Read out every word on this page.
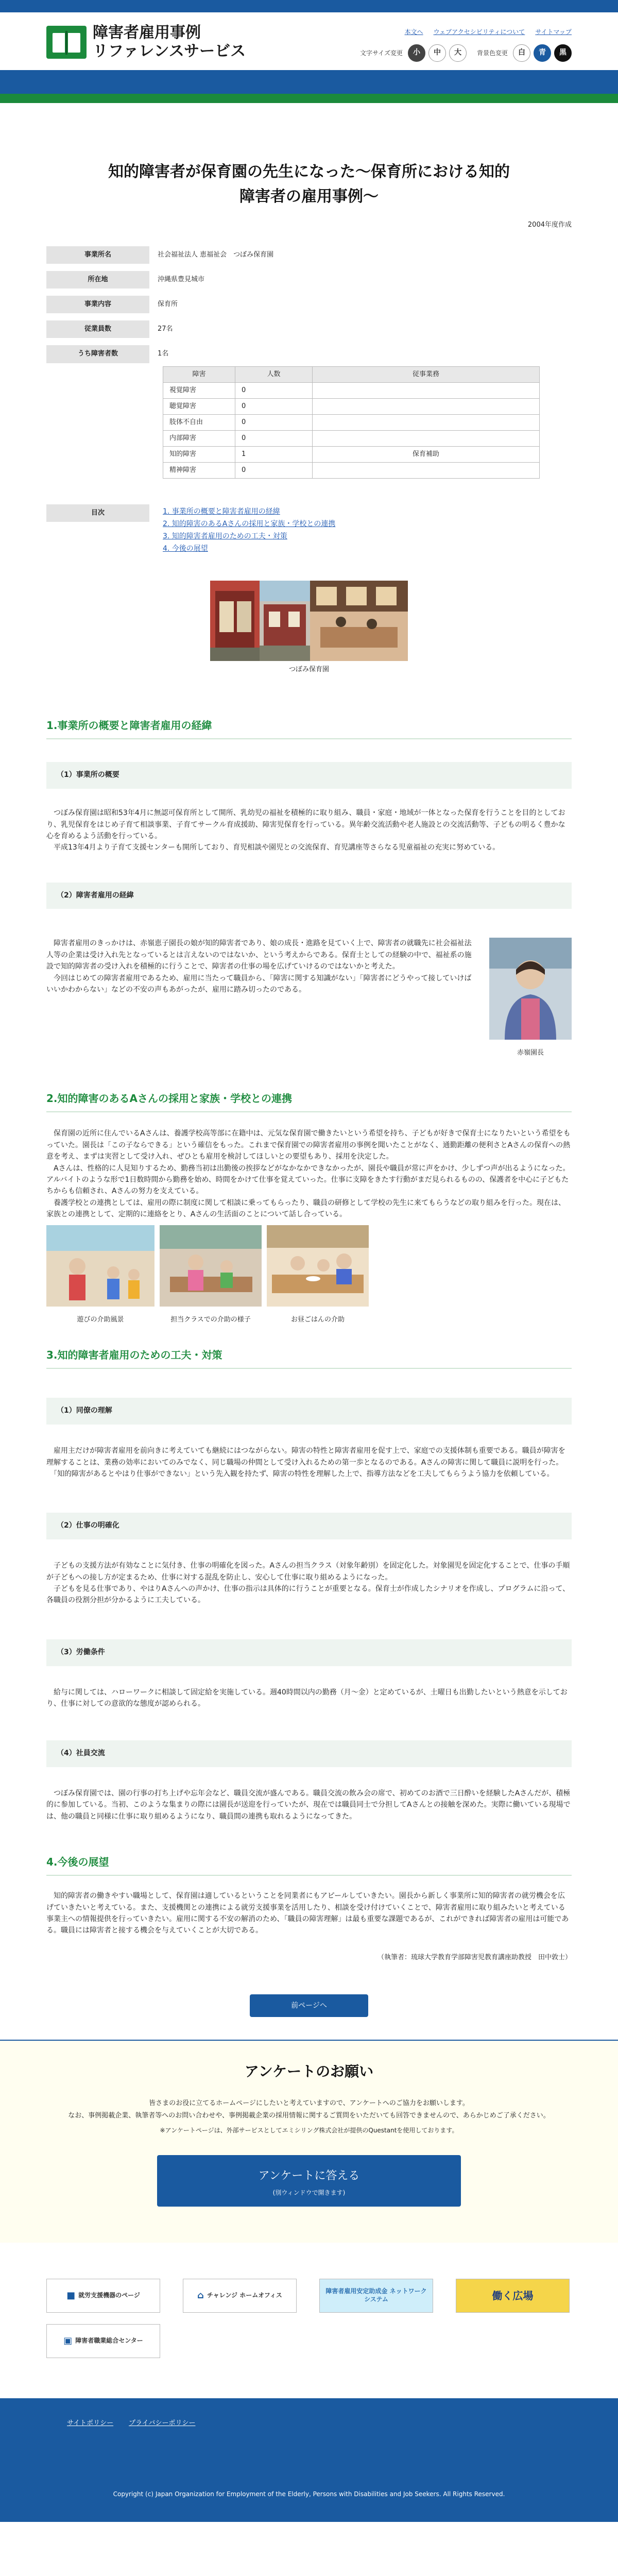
障害者雇用事例
リファレンスサービス
本文へ ウェブアクセシビリティについて サイトマップ
文字サイズ変更	小	中	大	背景色変更	白	青	黒
知的障害者が保育園の先生になった〜保育所における知的障害者の雇用事例〜
2004年度作成
事業所名	社会福祉法人 恵福祉会　つぼみ保育園
所在地	沖縄県豊見城市
事業内容	保育所
従業員数	27名
うち障害者数	1名
障害	人数	従事業務
視覚障害	0	
聴覚障害	0	
肢体不自由	0	
内部障害	0	
知的障害	1	保育補助
精神障害	0	
目次	1. 事業所の概要と障害者雇用の経緯
2. 知的障害のあるAさんの採用と家族・学校との連携
3. 知的障害者雇用のための工夫・対策
4. 今後の展望
つぼみ保育園
1.事業所の概要と障害者雇用の経緯
（1）事業所の概要

つぼみ保育園は昭和53年4月に無認可保育所として開所、乳幼児の福祉を積極的に取り組み、職員・家庭・地域が一体となった保育を行うことを目的としており、乳児保育をはじめ子育て相談事業、子育てサークル育成援助、障害児保育を行っている。異年齢交流活動や老人施設との交流活動等、子どもの明るく豊かな心を育めるよう活動を行っている。
　平成13年4月より子育て支援センターも開所しており、育児相談や園児との交流保育、育児講座等さらなる児童福祉の充実に努めている。

（2）障害者雇用の経緯

障害者雇用のきっかけは、赤嶺恵子園長の娘が知的障害者であり、娘の成長・進路を見ていく上で、障害者の就職先に社会福祉法人等の企業は受け入れ先となっているとは言えないのではないか、という考えからである。保育士としての経験の中で、福祉系の施設で知的障害者の受け入れを積極的に行うことで、障害者の仕事の場を広げていけるのではないかと考えた。
　今回はじめての障害者雇用であるため、雇用に当たって職員から、「障害に関する知識がない」「障害者にどうやって接していけばいいかわからない」などの不安の声もあがったが、雇用に踏み切ったのである。

赤嶺園長
2.知的障害のあるAさんの採用と家族・学校との連携

保育園の近所に住んでいるAさんは、養護学校高等部に在籍中は、元気な保育園で働きたいという希望を持ち、子どもが好きで保育士になりたいという希望をもっていた。園長は「この子ならできる」という確信をもった。これまで保育園での障害者雇用の事例を聞いたことがなく、通勤距離の便利さとAさんの保育への熱意を考え、まずは実習として受け入れ、ぜひとも雇用を検討してほしいとの要望もあり、採用を決定した。
　Aさんは、性格的に人見知りするため、勤務当初は出勤後の挨拶などがなかなかできなかったが、園長や職員が常に声をかけ、少しずつ声が出るようになった。アルバイトのような形で1日数時間から勤務を始め、時間をかけて仕事を覚えていった。仕事に支障をきたす行動がまだ見られるものの、保護者を中心に子どもたちからも信頼され、Aさんの努力を支えている。
　養護学校との連携としては、雇用の際に制度に関して相談に乗ってもらったり、職員の研修として学校の先生に来てもらうなどの取り組みを行った。現在は、家族との連携として、定期的に連絡をとり、Aさんの生活面のことについて話し合っている。

遊びの介助風景	担当クラスでの介助の様子	お昼ごはんの介助
3.知的障害者雇用のための工夫・対策
（1）同僚の理解

雇用主だけが障害者雇用を前向きに考えていても継続にはつながらない。障害の特性と障害者雇用を促す上で、家庭での支援体制も重要である。職員が障害を理解することは、業務の効率においてのみでなく、同じ職場の仲間として受け入れるための第一歩となるのである。Aさんの障害に関して職員に説明を行った。
　「知的障害があるとやはり仕事ができない」という先入観を持たず、障害の特性を理解した上で、指導方法などを工夫してもらうよう協力を依頼している。

（2）仕事の明確化

子どもの支援方法が有効なことに気付き、仕事の明確化を図った。Aさんの担当クラス（対象年齢別）を固定化した。対象園児を固定化することで、仕事の手順が子どもへの接し方が定まるため、仕事に対する混乱を防止し、安心して仕事に取り組めるようになった。
　子どもを見る仕事であり、やはりAさんへの声かけ、仕事の指示は具体的に行うことが重要となる。保育士が作成したシナリオを作成し、プログラムに沿って、各職員の役割分担が分かるように工夫している。

（3）労働条件

給与に関しては、ハローワークに相談して固定給を実施している。週40時間以内の勤務（月〜金）と定めているが、土曜日も出勤したいという熱意を示しており、仕事に対しての意欲的な態度が認められる。

（4）社員交流

つぼみ保育園では、園の行事の打ち上げや忘年会など、職員交流が盛んである。職員交流の飲み会の席で、初めてのお酒で三日酔いを経験したAさんだが、積極的に参加している。当初、このような集まりの際には園長が送迎を行っていたが、現在では職員同士で分担してAさんとの接触を深めた。実際に働いている現場では、他の職員と同様に仕事に取り組めるようになり、職員間の連携も取れるようになってきた。

4.今後の展望

知的障害者の働きやすい職場として、保育園は適しているということを同業者にもアピールしていきたい。園長から新しく事業所に知的障害者の就労機会を広げていきたいと考えている。また、支援機関との連携による就労支援事業を活用したり、相談を受け付けていくことで、障害者雇用に取り組みたいと考えている事業主への情報提供を行っていきたい。雇用に関する不安の解消のため、「職員の障害理解」は最も重要な課題であるが、これができれば障害者の雇用は可能である。職員には障害者と接する機会を与えていくことが大切である。

（執筆者：琉球大学教育学部障害児教育講座助教授　田中敦士）
前ページへ
アンケートのお願い

皆さまのお役に立てるホームページにしたいと考えていますので、アンケートへのご協力をお願いします。
なお、事例掲載企業、執筆者等へのお問い合わせや、事例掲載企業の採用情報に関するご質問をいただいても回答できませんので、あらかじめご了承ください。

※アンケートページは、外部サービスとしてエミシリング株式会社が提供のQuestantを使用しております。

アンケートに答える
(別ウィンドウで開きます)
■ 就労支援機器のページ	⌂ チャレンジ ホームオフィス
障害者雇用安定助成金 ネットワークシステム	働く広場
▣ 障害者職業総合センター
サイトポリシー プライバシーポリシー
Copyright (c) Japan Organization for Employment of the Elderly, Persons with Disabilities and Job Seekers. All Rights Reserved.
